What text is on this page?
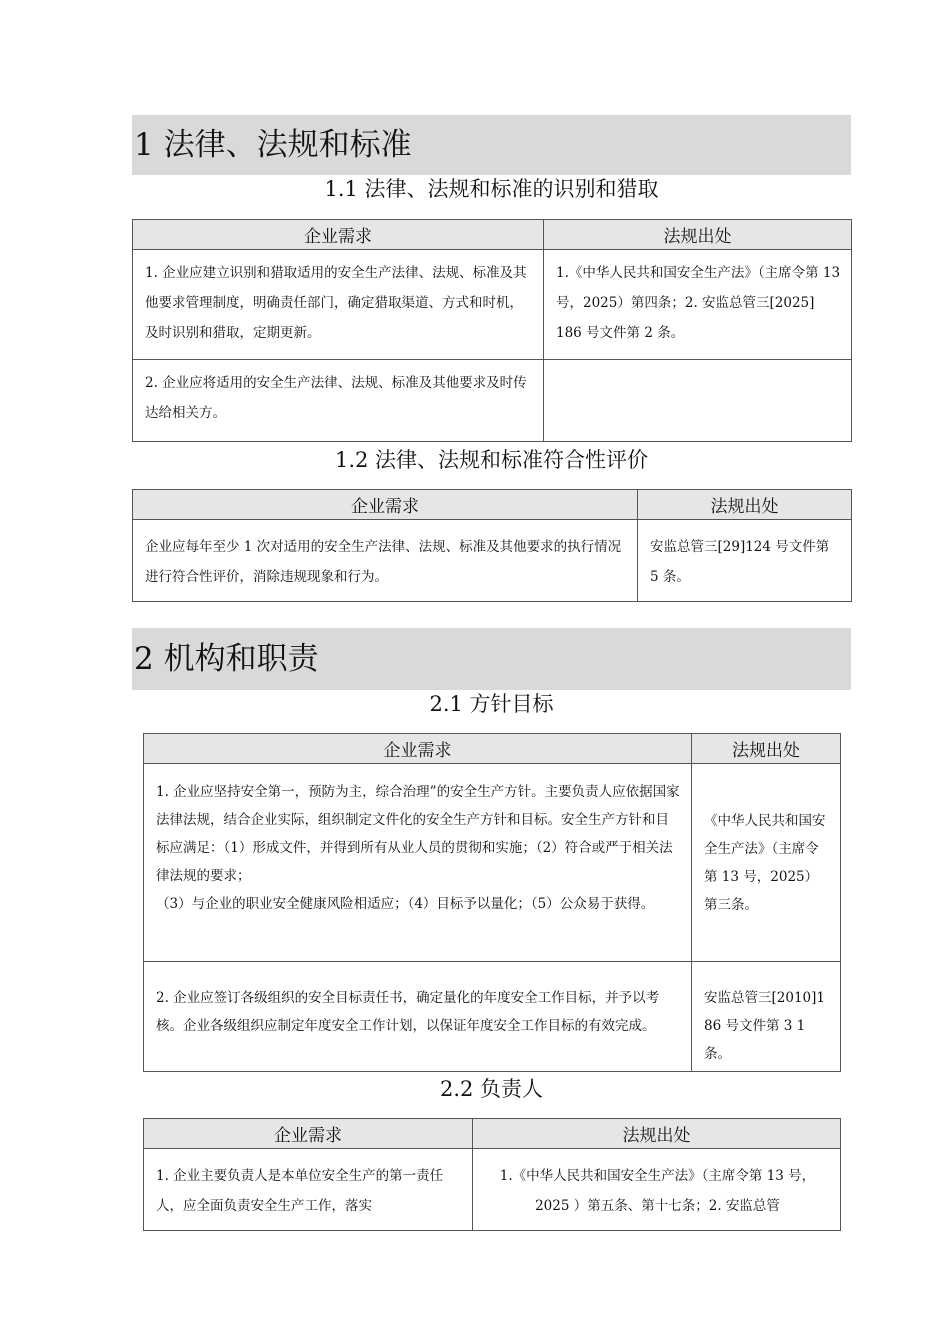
1 法律、法规和标准
1.1 法律、法规和标准的识别和猎取
企业需求	法规出处
1. 企业应建立识别和猎取适用的安全生产法律、法规、标准及其他要求管理制度，明确责任部门，确定猎取渠道、方式和时机，及时识别和猎取，定期更新。	1.《中华人民共和国安全生产法》（主席令第 13 号，2025）第四条；2. 安监总管三[2025] 186 号文件第 2 条。
2. 企业应将适用的安全生产法律、法规、标准及其他要求及时传达给相关方。	
1.2 法律、法规和标准符合性评价
企业需求	法规出处
企业应每年至少 1 次对适用的安全生产法律、法规、标准及其他要求的执行情况进行符合性评价，消除违规现象和行为。	安监总管三[29]124 号文件第 5 条。
2 机构和职责
2.1 方针目标
企业需求	法规出处

1. 企业应坚持安全第一，预防为主，综合治理”的安全生产方针。主要负责人应依据国家法律法规，结合企业实际，组织制定文件化的安全生产方针和目标。安全生产方针和目标应满足：（1）形成文件，并得到所有从业人员的贯彻和实施；（2）符合或严于相关法律法规的要求；
（3）与企业的职业安全健康风险相适应；（4）目标予以量化；（5）公众易于获得。	《中华人民共和国安全生产法》（主席令第 13 号，2025）第三条。
2. 企业应签订各级组织的安全目标责任书，确定量化的年度安全工作目标，并予以考核。企业各级组织应制定年度安全工作计划，以保证年度安全工作目标的有效完成。	安监总管三[2010]186 号文件第 3 1 条。
2.2 负责人
企业需求	法规出处
1. 企业主要负责人是本单位安全生产的第一责任人，应全面负责安全生产工作，落实	1.《中华人民共和国安全生产法》（主席令第 13 号，2025 ）第五条、第十七条；2. 安监总管
